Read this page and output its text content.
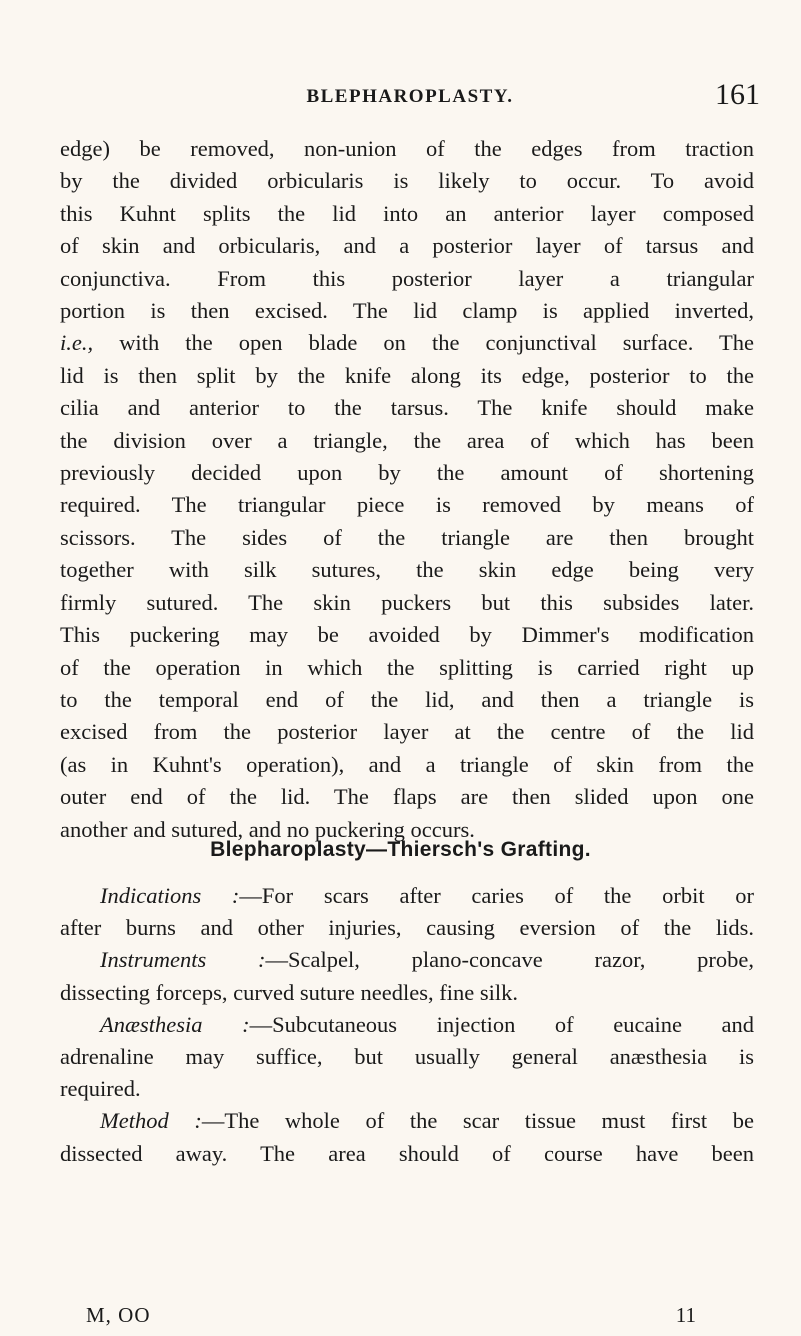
BLEPHAROPLASTY.	161
edge) be removed, non-union of the edges from traction
by the divided orbicularis is likely to occur. To avoid
this Kuhnt splits the lid into an anterior layer composed
of skin and orbicularis, and a posterior layer of tarsus and
conjunctiva. From this posterior layer a triangular
portion is then excised. The lid clamp is applied inverted,
i.e., with the open blade on the conjunctival surface. The
lid is then split by the knife along its edge, posterior to the
cilia and anterior to the tarsus. The knife should make
the division over a triangle, the area of which has been
previously decided upon by the amount of shortening
required. The triangular piece is removed by means of
scissors. The sides of the triangle are then brought
together with silk sutures, the skin edge being very
firmly sutured. The skin puckers but this subsides later.
This puckering may be avoided by Dimmer's modification
of the operation in which the splitting is carried right up
to the temporal end of the lid, and then a triangle is
excised from the posterior layer at the centre of the lid
(as in Kuhnt's operation), and a triangle of skin from the
outer end of the lid. The flaps are then slided upon one
another and sutured, and no puckering occurs.
Blepharoplasty—Thiersch's Grafting.
Indications :—For scars after caries of the orbit or
after burns and other injuries, causing eversion of the lids.
Instruments :—Scalpel, plano-concave razor, probe,
dissecting forceps, curved suture needles, fine silk.
Anæsthesia :—Subcutaneous injection of eucaine and
adrenaline may suffice, but usually general anæsthesia is
required.
Method :—The whole of the scar tissue must first be
dissected away. The area should of course have been
M, OO	11
